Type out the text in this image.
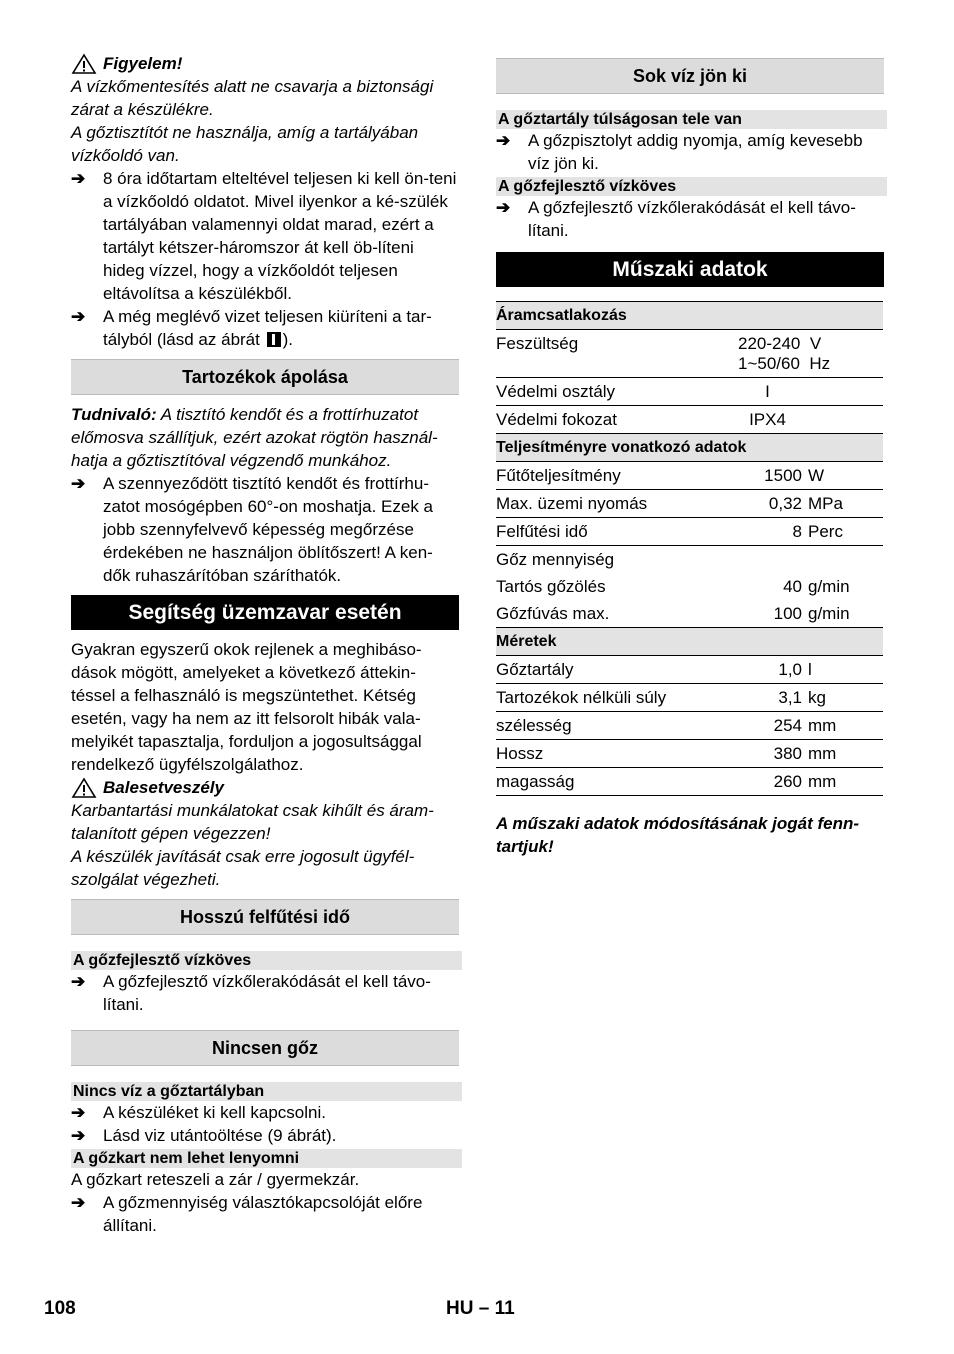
Figyelem!

A vízkőmentesítés alatt ne csavarja a biztonsági zárat a készülékre.

A gőztisztítót ne használja, amíg a tartályában vízkőoldó van.

➔	8 óra időtartam elteltével teljesen ki kell ön-teni a vízkőoldó oldatot. Mivel ilyenkor a ké-szülék tartályában valamennyi oldat marad, ezért a tartályt kétszer-háromszor át kell öb-líteni hideg vízzel, hogy a vízkőoldót teljesen eltávolítsa a készülékből.

➔	A még meglévő vizet teljesen kiüríteni a tar-tályból (lásd az ábrát ).

Tartozékok ápolása

Tudnivaló: A tisztító kendőt és a frottírhuzatot előmosva szállítjuk, ezért azokat rögtön használ-hatja a gőztisztítóval végzendő munkához.

➔	A szennyeződött tisztító kendőt és frottírhu-zatot mosógépben 60°-on moshatja. Ezek a jobb szennyfelvevő képesség megőrzése érdekében ne használjon öblítőszert! A ken-dők ruhaszárítóban száríthatók.

Segítség üzemzavar esetén

Gyakran egyszerű okok rejlenek a meghibáso-dások mögött, amelyeket a következő áttekin-téssel a felhasználó is megszüntethet. Kétség esetén, vagy ha nem az itt felsorolt hibák vala-melyikét tapasztalja, forduljon a jogosultsággal rendelkező ügyfélszolgálathoz.

Balesetveszély

Karbantartási munkálatokat csak kihűlt és áram-talanított gépen végezzen!

A készülék javítását csak erre jogosult ügyfél-szolgálat végezheti.

Hosszú felfűtési idő
A gőzfejlesztő vízköves
➔	A gőzfejlesztő vízkőlerakódását el kell távo-lítani.

Nincsen gőz
Nincs víz a gőztartályban
➔	A készüléket ki kell kapcsolni.

➔	Lásd viz utántoöltése (9 ábrát).

A gőzkart nem lehet lenyomni

A gőzkart reteszeli a zár / gyermekzár.

➔	A gőzmennyiség választókapcsolóját előre állítani.

Sok víz jön ki
A gőztartály túlságosan tele van
➔	A gőzpisztolyt addig nyomja, amíg kevesebb víz jön ki.

A gőzfejlesztő vízköves
➔	A gőzfejlesztő vízkőlerakódását el kell távo-lítani.

Műszaki adatok
Áramcsatlakozás		
Feszültség	220-240  V
1~50/60  Hz	

Védelmi osztály	I	
Védelmi fokozat	IPX4	
Teljesítményre vonatkozó adatok		
Fűtőteljesítmény	1500	W
Max. üzemi nyomás	0,32	MPa
Felfűtési idő	8	Perc
Gőz mennyiség		
Tartós gőzölés	40	g/min
Gőzfúvás max.	100	g/min
Méretek		
Gőztartály	1,0	l
Tartozékok nélküli súly	3,1	kg
szélesség	254	mm
Hossz	380	mm
magasság	260	mm

A műszaki adatok módosításának jogát fenn-tartjuk!

108	HU – 11
